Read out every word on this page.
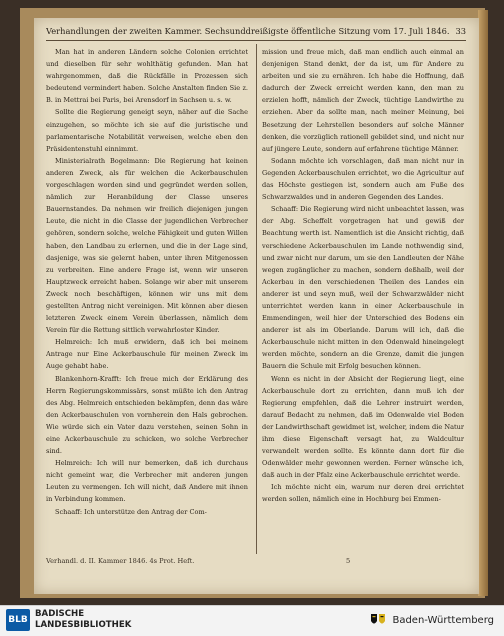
Verhandlungen der zweiten Kammer. Sechsunddreißigste öffentliche Sitzung vom 17. Juli 1846. 33

Man hat in anderen Ländern solche Colonien errichtet und dieselben für sehr wohlthätig gefunden. Man hat wahrgenommen, daß die Rückfälle in Prozessen sich bedeutend vermindert haben. Solche Anstalten finden Sie z. B. in Mettrai bei Paris, bei Arensdorf in Sachsen u. s. w.

Sollte die Regierung geneigt seyn, näher auf die Sache einzugehen, so möchte ich sie auf die juristische und parlamentarische Notabilität verweisen, welche eben den Präsidentenstuhl einnimmt.

Ministerialrath Bogelmann: Die Regierung hat keinen anderen Zweck, als für welchen die Ackerbauschulen vorgeschlagen worden sind und gegründet werden sollen, nämlich zur Heranbildung der Classe unseres Bauernstandes. Da nehmen wir freilich diejenigen jungen Leute, die nicht in die Classe der jugendlichen Verbrecher gehören, sondern solche, welche Fähigkeit und guten Willen haben, den Landbau zu erlernen, und die in der Lage sind, dasjenige, was sie gelernt haben, unter ihren Mitgenossen zu verbreiten. Eine andere Frage ist, wenn wir unseren Hauptzweck erreicht haben. Solange wir aber mit unserem Zweck noch beschäftigen, können wir uns mit dem gestellten Antrag nicht vereinigen. Mit können aber diesen letzteren Zweck einem Verein überlassen, nämlich dem Verein für die Rettung sittlich verwahrloster Kinder.

Helmreich: Ich muß erwidern, daß ich bei meinem Antrage nur Eine Ackerbauschule für meinen Zweck im Auge gehabt habe.

Blankenhorn-Krafft: Ich freue mich der Erklärung des Herrn Regierungskommissärs, sonst müßte ich den Antrag des Abg. Helmreich entschieden bekämpfen, denn das wäre den Ackerbauschulen von vornherein den Hals gebrochen. Wie würde sich ein Vater dazu verstehen, seinen Sohn in eine Ackerbauschule zu schicken, wo solche Verbrecher sind.

Helmreich: Ich will nur bemerken, daß ich durchaus nicht gemeint war, die Verbrecher mit anderen jungen Leuten zu vermengen. Ich will nicht, daß Andere mit ihnen in Verbindung kommen.

Schaaff: Ich unterstütze den Antrag der Com-

mission und freue mich, daß man endlich auch einmal an denjenigen Stand denkt, der da ist, um für Andere zu arbeiten und sie zu ernähren. Ich habe die Hoffnung, daß dadurch der Zweck erreicht werden kann, den man zu erzielen hofft, nämlich der Zweck, tüchtige Landwirthe zu erziehen. Aber da sollte man, nach meiner Meinung, bei Besetzung der Lehrstellen besonders auf solche Männer denken, die vorzüglich rationell gebildet sind, und nicht nur auf jüngere Leute, sondern auf erfahrene tüchtige Männer.

Sodann möchte ich vorschlagen, daß man nicht nur in Gegenden Ackerbauschulen errichtet, wo die Agricultur auf das Höchste gestiegen ist, sondern auch am Fuße des Schwarzwaldes und in anderen Gegenden des Landes.

Schaaff: Die Regierung wird nicht unbeachtet lassen, was der Abg. Scheffelt vorgetragen hat und gewiß der Beachtung werth ist. Namentlich ist die Ansicht richtig, daß verschiedene Ackerbauschulen im Lande nothwendig sind, und zwar nicht nur darum, um sie den Landleuten der Nähe wegen zugänglicher zu machen, sondern deßhalb, weil der Ackerbau in den verschiedenen Theilen des Landes ein anderer ist und seyn muß, weil der Schwarzwälder nicht unterrichtet werden kann in einer Ackerbauschule in Emmendingen, weil hier der Unterschied des Bodens ein anderer ist als im Oberlande. Darum will ich, daß die Ackerbauschule nicht mitten in den Odenwald hineingelegt werden möchte, sondern an die Grenze, damit die jungen Bauern die Schule mit Erfolg besuchen können.

Wenn es nicht in der Absicht der Regierung liegt, eine Ackerbauschule dort zu errichten, dann muß ich der Regierung empfehlen, daß die Lehrer instruirt werden, darauf Bedacht zu nehmen, daß im Odenwalde viel Boden der Landwirthschaft gewidmet ist, welcher, indem die Natur ihm diese Eigenschaft versagt hat, zu Waldcultur verwandelt werden sollte. Es könnte dann dort für die Odenwälder mehr gewonnen werden. Ferner wünsche ich, daß auch in der Pfalz eine Ackerbauschule errichtet werde.

Ich möchte nicht ein, warum nur deren drei errichtet werden sollen, nämlich eine in Hochburg bei Emmen-

Verhandl. d. II. Kammer 1846. 4s Prot. Heft.	5
BLB
BADISCHE
LANDESBIBLIOTHEK	Baden-Württemberg
